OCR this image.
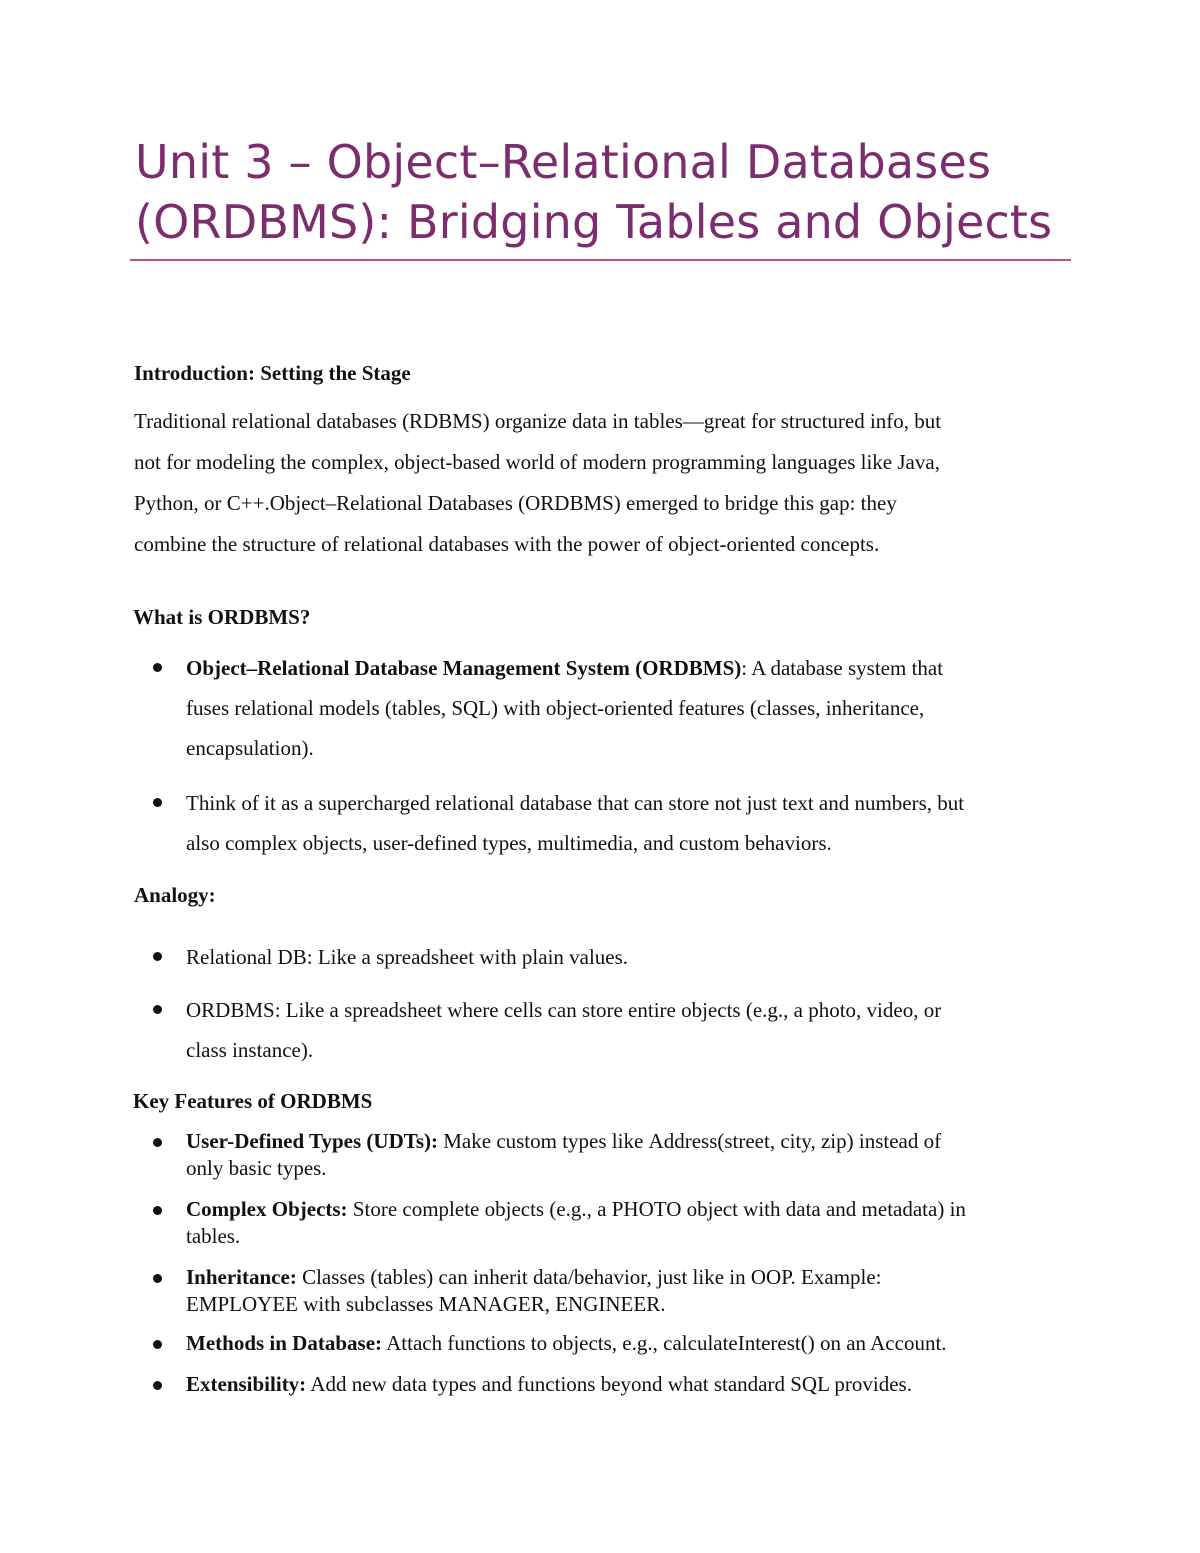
Unit 3 – Object–Relational Databases
(ORDBMS): Bridging Tables and Objects
Introduction: Setting the Stage

Traditional relational databases (RDBMS) organize data in tables—great for structured info, but
not for modeling the complex, object-based world of modern programming languages like Java,
Python, or C++.Object–Relational Databases (ORDBMS) emerged to bridge this gap: they
combine the structure of relational databases with the power of object-oriented concepts.

What is ORDBMS?
Object–Relational Database Management System (ORDBMS): A database system that
fuses relational models (tables, SQL) with object-oriented features (classes, inheritance,
encapsulation).
Think of it as a supercharged relational database that can store not just text and numbers, but
also complex objects, user-defined types, multimedia, and custom behaviors.
Analogy:
Relational DB: Like a spreadsheet with plain values.
ORDBMS: Like a spreadsheet where cells can store entire objects (e.g., a photo, video, or
class instance).
Key Features of ORDBMS
User-Defined Types (UDTs): Make custom types like Address(street, city, zip) instead of
only basic types.
Complex Objects: Store complete objects (e.g., a PHOTO object with data and metadata) in
tables.
Inheritance: Classes (tables) can inherit data/behavior, just like in OOP. Example:
EMPLOYEE with subclasses MANAGER, ENGINEER.
Methods in Database: Attach functions to objects, e.g., calculateInterest() on an Account.
Extensibility: Add new data types and functions beyond what standard SQL provides.
